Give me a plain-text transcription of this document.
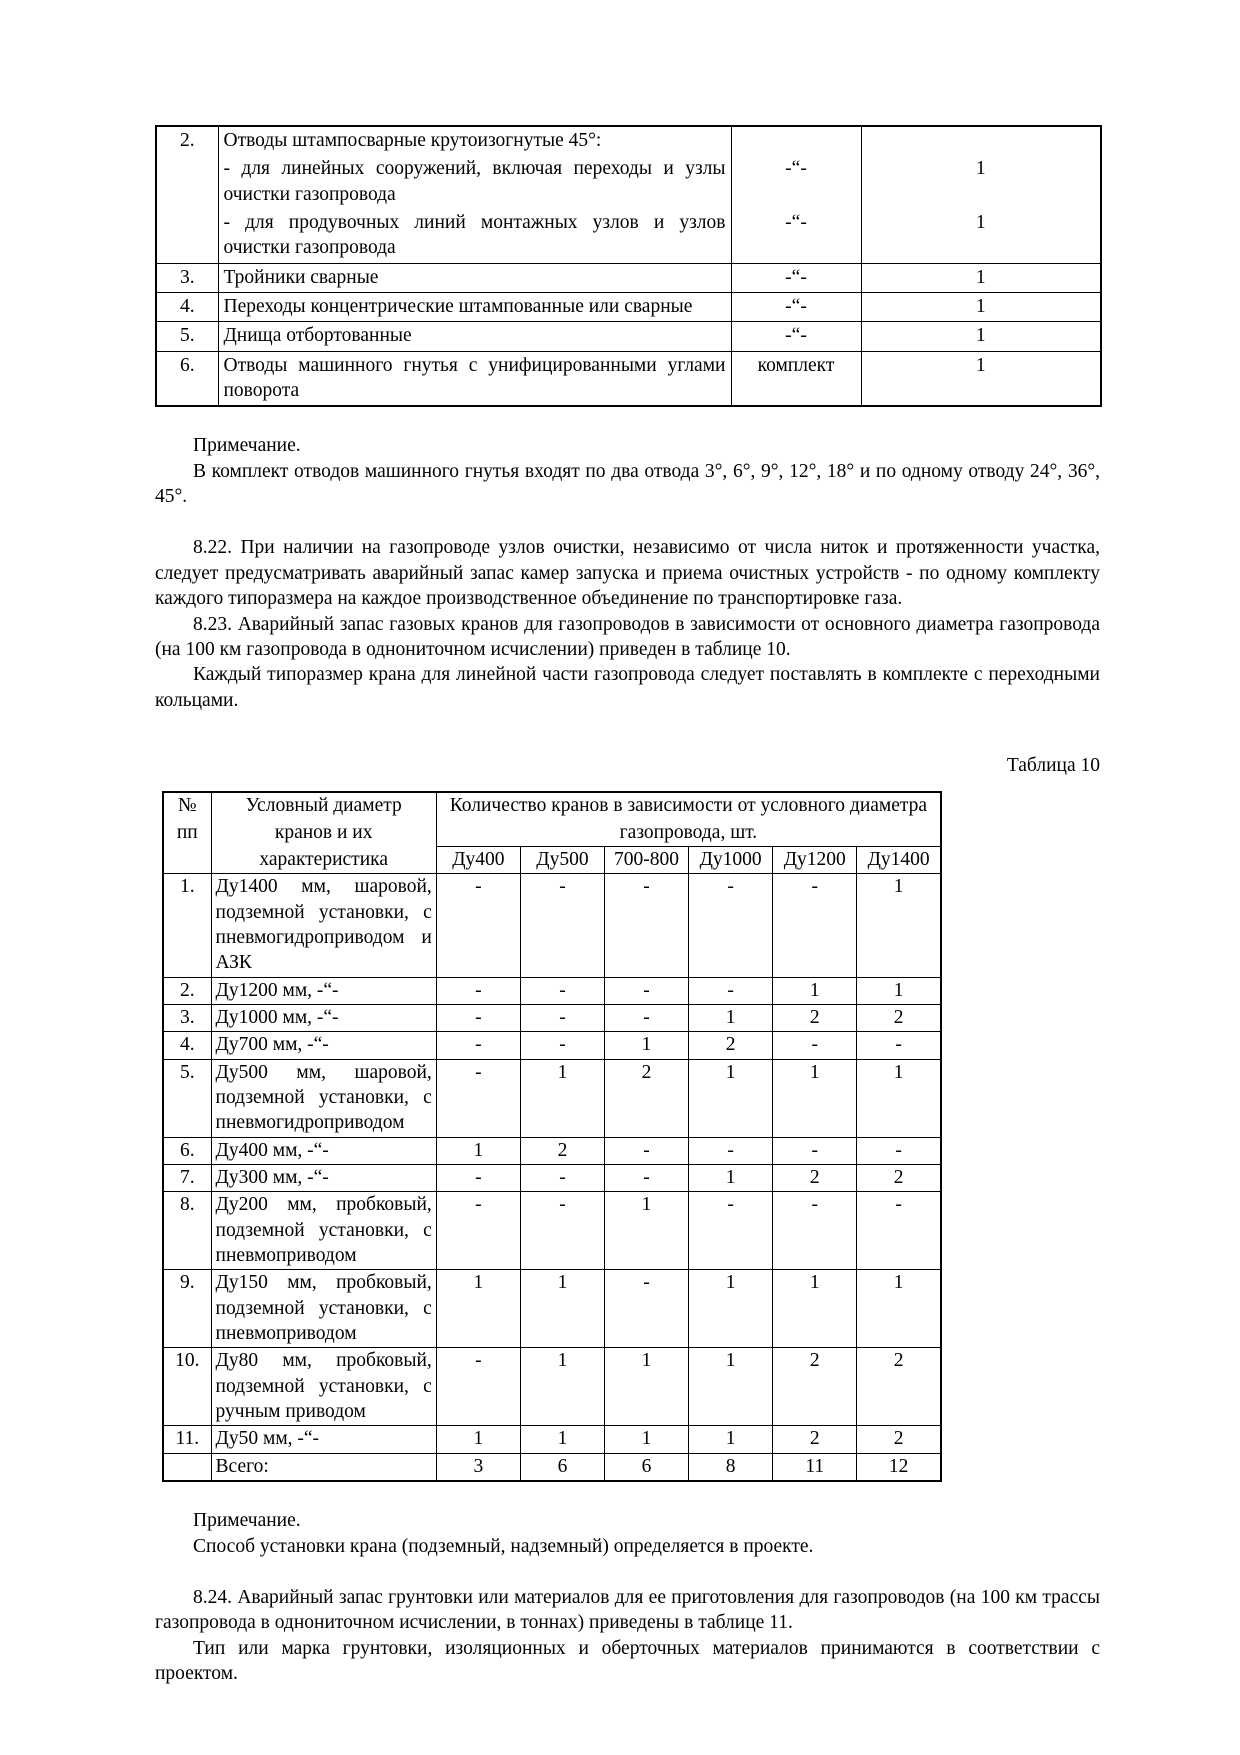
2.	Отводы штампосварные крутоизогнутые 45°:		
	- для линейных сооружений, включая переходы и узлы очистки газопровода	-“-	1
	- для продувочных линий монтажных узлов и узлов очистки газопровода	-“-	1
3.	Тройники сварные	-“-	1
4.	Переходы концентрические штампованные или сварные	-“-	1
5.	Днища отбортованные	-“-	1
6.	Отводы машинного гнутья с унифицированными углами поворота	комплект	1

Примечание.

В комплект отводов машинного гнутья входят по два отвода 3°, 6°, 9°, 12°, 18° и по одному отводу 24°, 36°, 45°.

8.22. При наличии на газопроводе узлов очистки, независимо от числа ниток и протяженности участка, следует предусматривать аварийный запас камер запуска и приема очистных устройств - по одному комплекту каждого типоразмера на каждое производственное объединение по транспортировке газа.

8.23. Аварийный запас газовых кранов для газопроводов в зависимости от основного диаметра газопровода (на 100 км газопровода в однониточном исчислении) приведен в таблице 10.

Каждый типоразмер крана для линейной части газопровода следует поставлять в комплекте с переходными кольцами.

Таблица 10

№	Условный диаметр	Количество кранов в зависимости от условного диаметра					
пп	кранов и их	газопровода, шт.					
	характеристика	Ду400	Ду500	700-800	Ду1000	Ду1200	Ду1400
1.	Ду1400 мм, шаровой, подземной установки, с пневмогидроприводом и АЗК	-	-	-	-	-	1
2.	Ду1200 мм, -“-	-	-	-	-	1	1
3.	Ду1000 мм, -“-	-	-	-	1	2	2
4.	Ду700 мм, -“-	-	-	1	2	-	-
5.	Ду500 мм, шаровой, подземной установки, с пневмогидроприводом	-	1	2	1	1	1
6.	Ду400 мм, -“-	1	2	-	-	-	-
7.	Ду300 мм, -“-	-	-	-	1	2	2
8.	Ду200 мм, пробковый, подземной установки, с пневмоприводом	-	-	1	-	-	-
9.	Ду150 мм, пробковый, подземной установки, с пневмоприводом	1	1	-	1	1	1
10.	Ду80 мм, пробковый, подземной установки, с ручным приводом	-	1	1	1	2	2
11.	Ду50 мм, -“-	1	1	1	1	2	2
	Всего:	3	6	6	8	11	12

Примечание.

Способ установки крана (подземный, надземный) определяется в проекте.

8.24. Аварийный запас грунтовки или материалов для ее приготовления для газопроводов (на 100 км трассы газопровода в однониточном исчислении, в тоннах) приведены в таблице 11.

Тип или марка грунтовки, изоляционных и оберточных материалов принимаются в соответствии с проектом.
